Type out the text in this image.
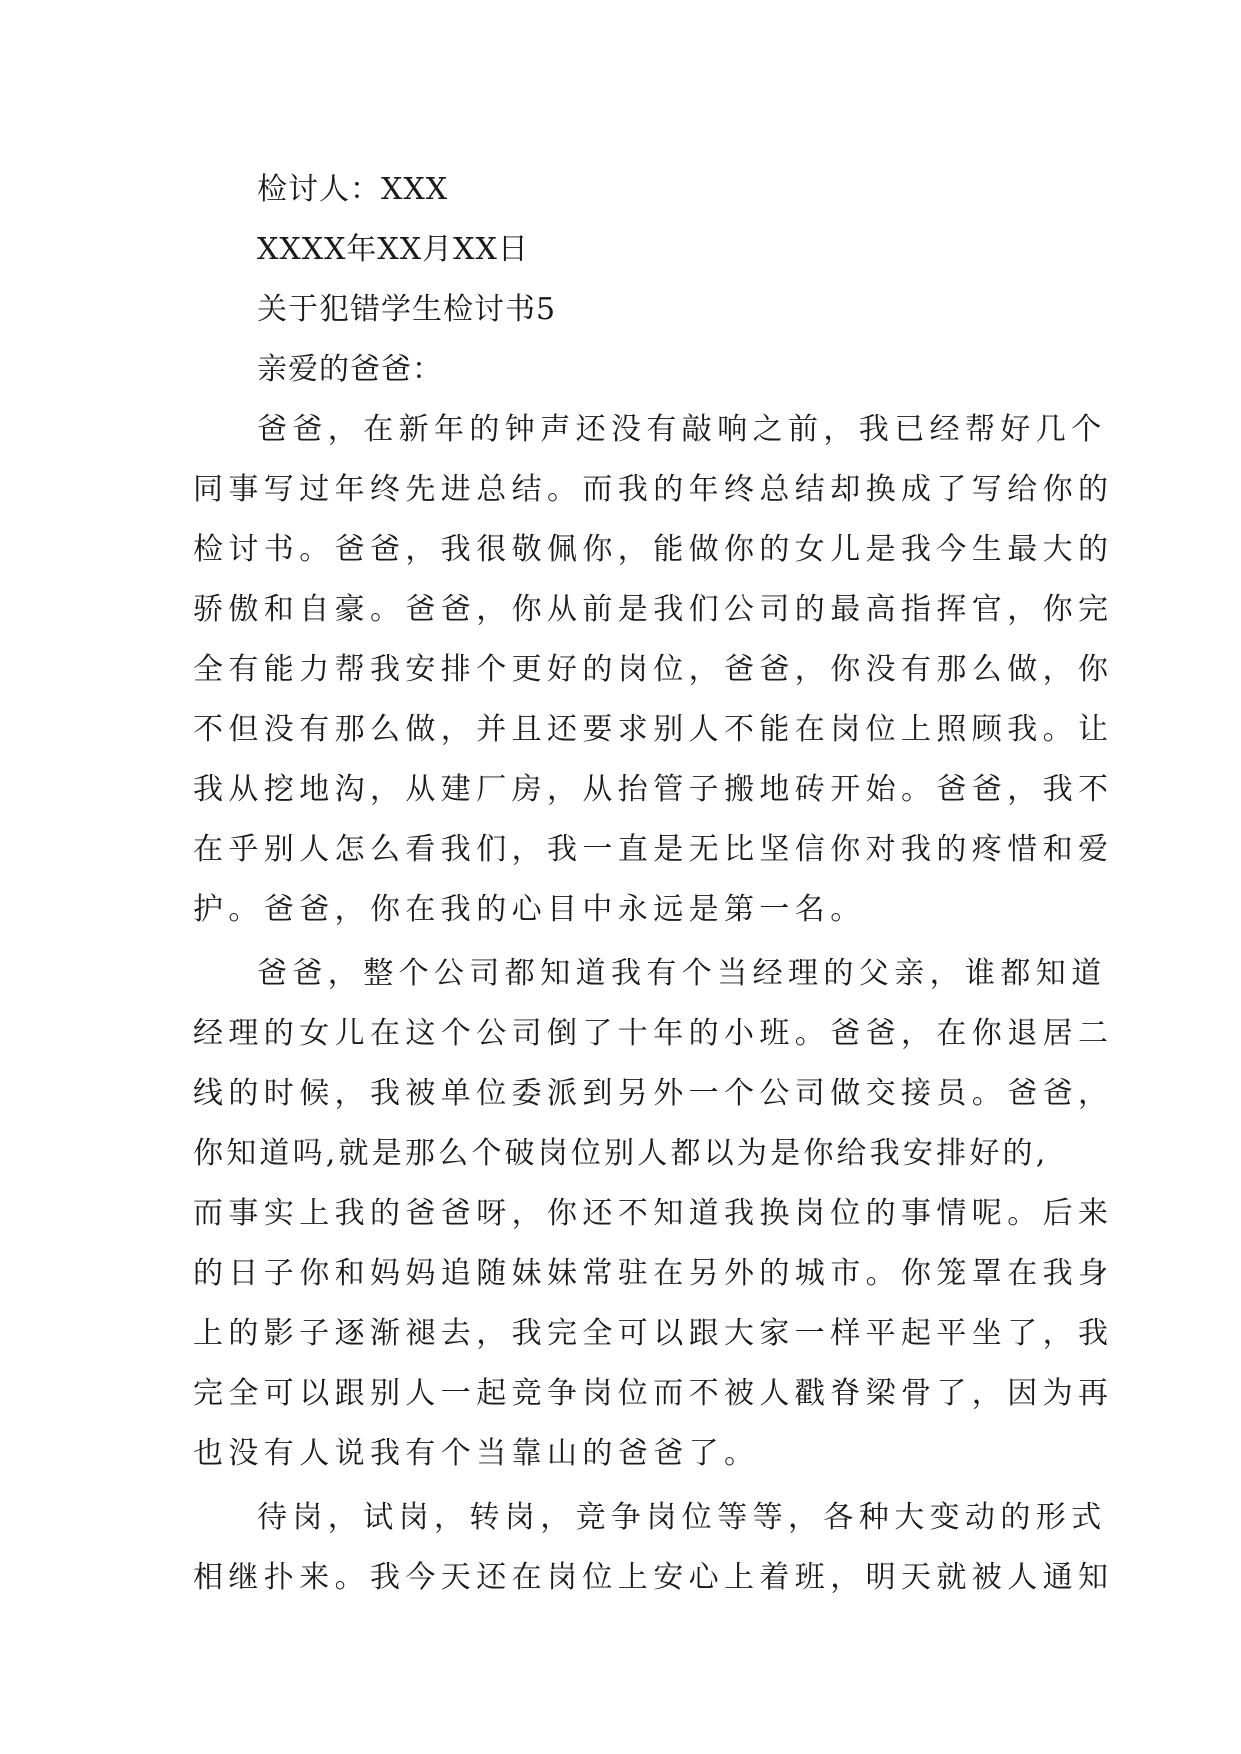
检讨人：XXX

XXXX年XX月XX日

关于犯错学生检讨书5

亲爱的爸爸：

爸爸，在新年的钟声还没有敲响之前，我已经帮好几个

同事写过年终先进总结。而我的年终总结却换成了写给你的

检讨书。爸爸，我很敬佩你，能做你的女儿是我今生最大的

骄傲和自豪。爸爸，你从前是我们公司的最高指挥官，你完

全有能力帮我安排个更好的岗位，爸爸，你没有那么做，你

不但没有那么做，并且还要求别人不能在岗位上照顾我。让

我从挖地沟，从建厂房，从抬管子搬地砖开始。爸爸，我不

在乎别人怎么看我们，我一直是无比坚信你对我的疼惜和爱

护。爸爸，你在我的心目中永远是第一名。

爸爸，整个公司都知道我有个当经理的父亲，谁都知道

经理的女儿在这个公司倒了十年的小班。爸爸，在你退居二

线的时候，我被单位委派到另外一个公司做交接员。爸爸，

你知道吗,就是那么个破岗位别人都以为是你给我安排好的,

而事实上我的爸爸呀，你还不知道我换岗位的事情呢。后来

的日子你和妈妈追随妹妹常驻在另外的城市。你笼罩在我身

上的影子逐渐褪去，我完全可以跟大家一样平起平坐了，我

完全可以跟别人一起竞争岗位而不被人戳脊梁骨了，因为再

也没有人说我有个当靠山的爸爸了。

待岗，试岗，转岗，竞争岗位等等，各种大变动的形式

相继扑来。我今天还在岗位上安心上着班，明天就被人通知
